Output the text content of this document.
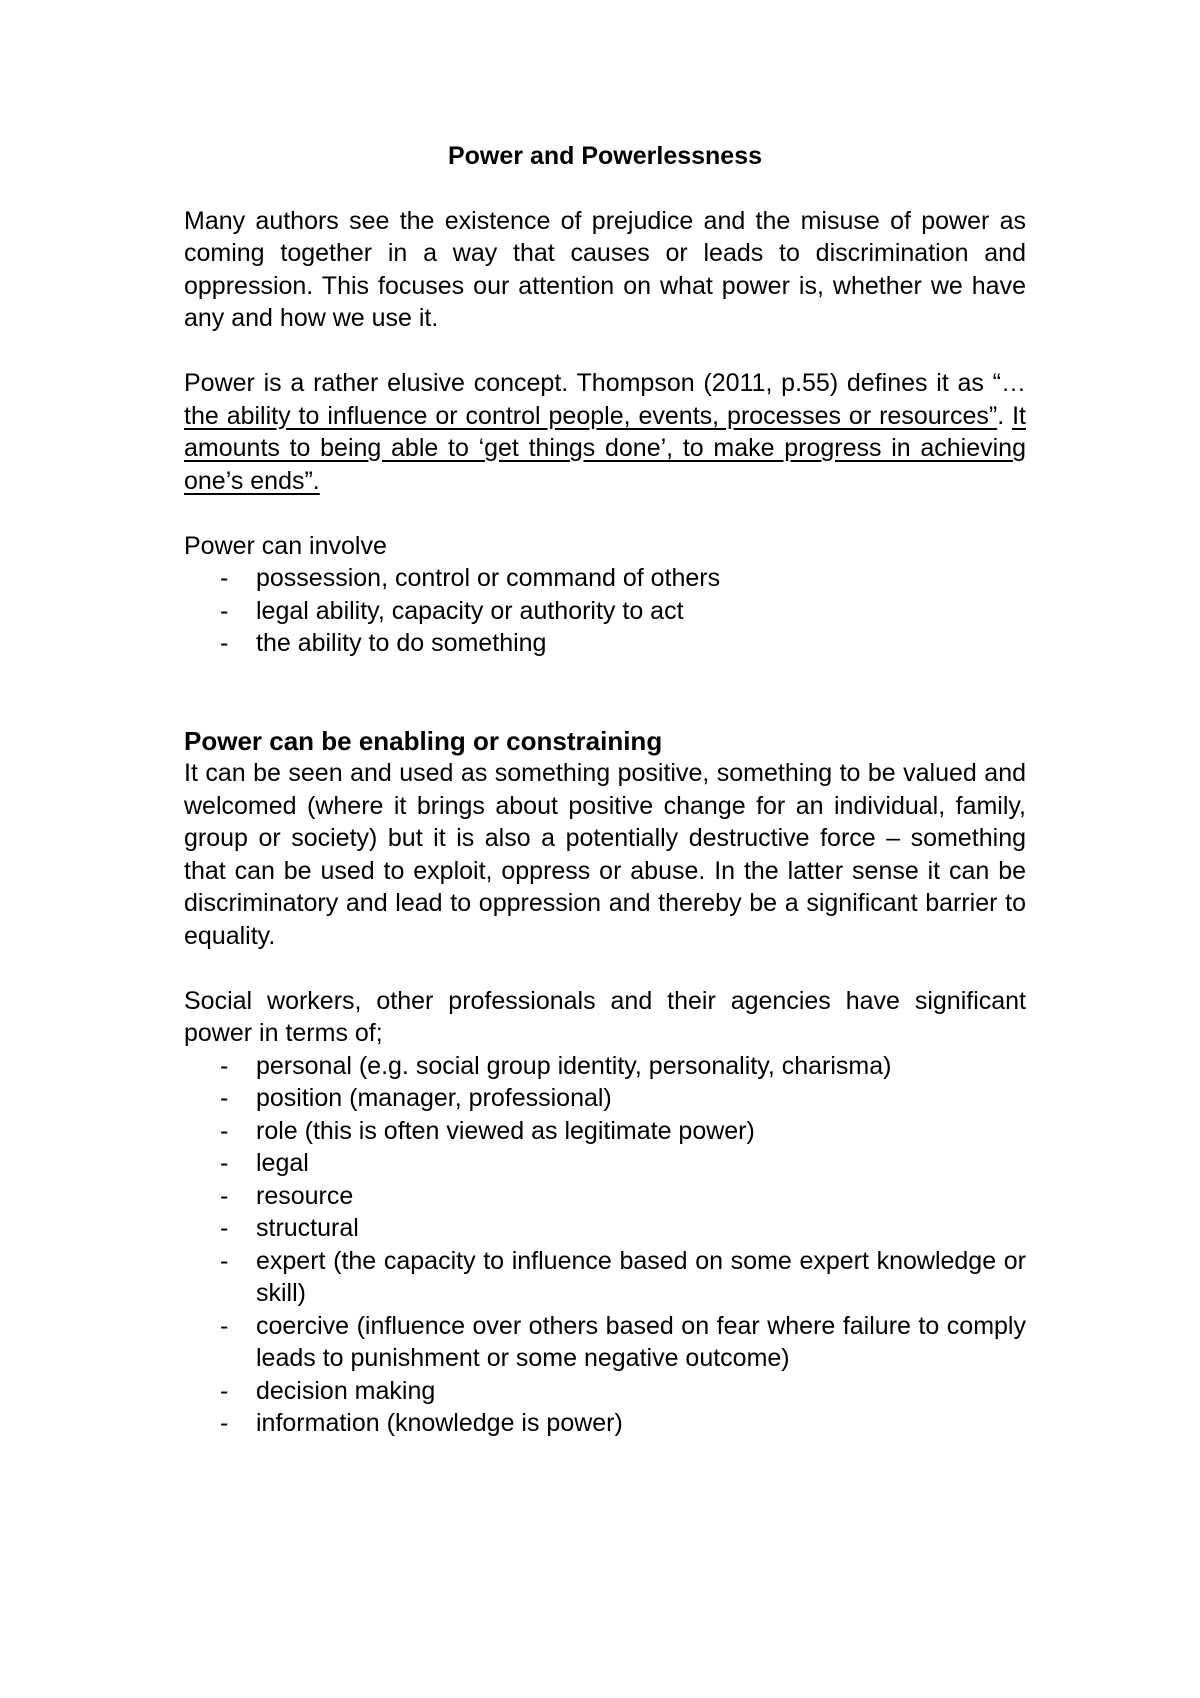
Power and Powerlessness

Many authors see the existence of prejudice and the misuse of power as coming together in a way that causes or leads to discrimination and oppression. This focuses our attention on what power is, whether we have any and how we use it.

Power is a rather elusive concept. Thompson (2011, p.55) defines it as “… the ability to influence or control people, events, processes or resources”. It amounts to being able to ‘get things done’, to make progress in achieving one’s ends”.

Power can involve

- possession, control or command of others
- legal ability, capacity or authority to act
- the ability to do something

Power can be enabling or constraining

It can be seen and used as something positive, something to be valued and welcomed (where it brings about positive change for an individual, family, group or society) but it is also a potentially destructive force – something that can be used to exploit, oppress or abuse. In the latter sense it can be discriminatory and lead to oppression and thereby be a significant barrier to equality.

Social workers, other professionals and their agencies have significant power in terms of;

- personal (e.g. social group identity, personality, charisma)
- position (manager, professional)
- role (this is often viewed as legitimate power)
- legal
- resource
- structural
- expert (the capacity to influence based on some expert knowledge or skill)
- coercive (influence over others based on fear where failure to comply leads to punishment or some negative outcome)
- decision making
- information (knowledge is power)
